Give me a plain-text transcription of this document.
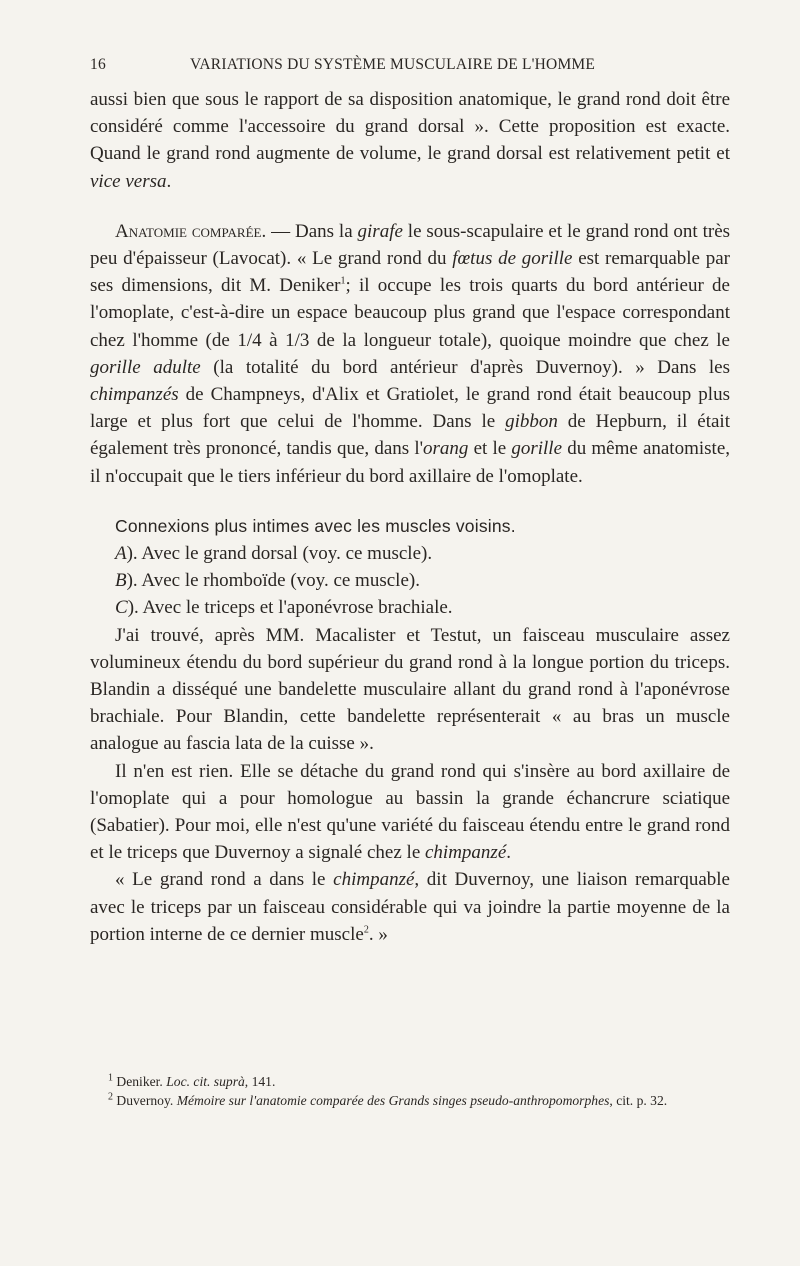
16	VARIATIONS DU SYSTÈME MUSCULAIRE DE L'HOMME

aussi bien que sous le rapport de sa disposition anatomique, le grand rond doit être considéré comme l'accessoire du grand dorsal ». Cette proposition est exacte. Quand le grand rond augmente de volume, le grand dorsal est relativement petit et vice versa.

Anatomie comparée. — Dans la girafe le sous-scapulaire et le grand rond ont très peu d'épaisseur (Lavocat). « Le grand rond du fœtus de gorille est remarquable par ses dimensions, dit M. Deniker$^1$; il occupe les trois quarts du bord antérieur de l'omoplate, c'est-à-dire un espace beaucoup plus grand que l'espace correspondant chez l'homme (de 1/4 à 1/3 de la longueur totale), quoique moindre que chez le gorille adulte (la totalité du bord antérieur d'après Duvernoy). » Dans les chimpanzés de Champneys, d'Alix et Gratiolet, le grand rond était beaucoup plus large et plus fort que celui de l'homme. Dans le gibbon de Hepburn, il était également très prononcé, tandis que, dans l'orang et le gorille du même anatomiste, il n'occupait que le tiers inférieur du bord axillaire de l'omoplate.

Connexions plus intimes avec les muscles voisins.

A). Avec le grand dorsal (voy. ce muscle).

B). Avec le rhomboïde (voy. ce muscle).

C). Avec le triceps et l'aponévrose brachiale.

J'ai trouvé, après MM. Macalister et Testut, un faisceau musculaire assez volumineux étendu du bord supérieur du grand rond à la longue portion du triceps. Blandin a disséqué une bandelette musculaire allant du grand rond à l'aponévrose brachiale. Pour Blandin, cette bandelette représenterait « au bras un muscle analogue au fascia lata de la cuisse ».

Il n'en est rien. Elle se détache du grand rond qui s'insère au bord axillaire de l'omoplate qui a pour homologue au bassin la grande échancrure sciatique (Sabatier). Pour moi, elle n'est qu'une variété du faisceau étendu entre le grand rond et le triceps que Duvernoy a signalé chez le chimpanzé.

« Le grand rond a dans le chimpanzé, dit Duvernoy, une liaison remarquable avec le triceps par un faisceau considérable qui va joindre la partie moyenne de la portion interne de ce dernier muscle$^2$. »

$^1$ Deniker. Loc. cit. suprà, 141.

$^2$ Duvernoy. Mémoire sur l'anatomie comparée des Grands singes pseudo-anthropomorphes, cit. p. 32.
